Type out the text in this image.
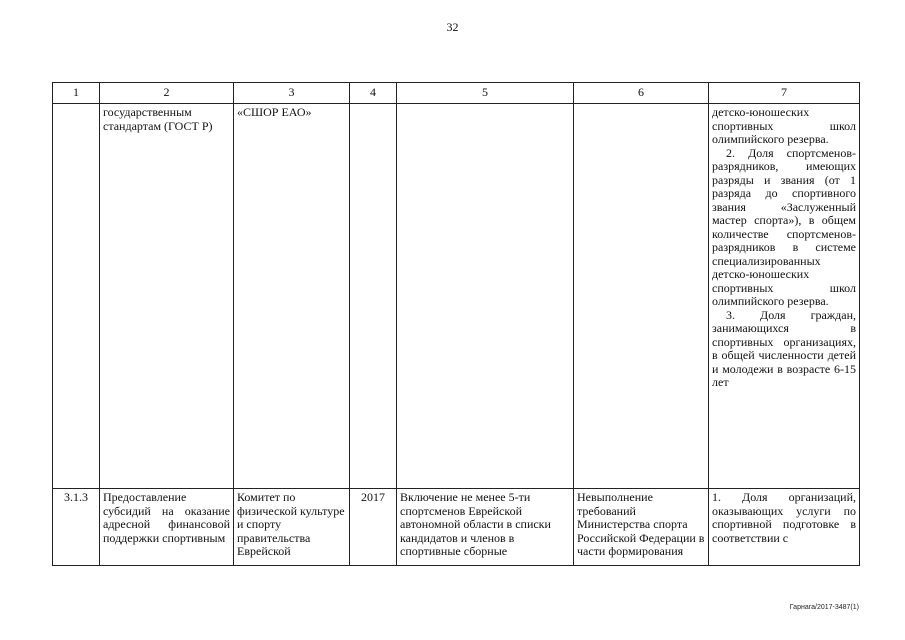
32
1	2	3	4	5	6	7
	государственным стандартам (ГОСТ Р)	«СШОР ЕАО»				детско-юношеских спортивных школ олимпийского резерва.
2. Доля спортсменов-разрядников, имеющих разряды и звания (от 1 разряда до спортивного звания «Заслуженный мастер спорта»), в общем количестве спортсменов-разрядников в системе специализированных детско-юношеских спортивных школ олимпийского резерва.
3. Доля граждан, занимающихся в спортивных организациях, в общей численности детей и молодежи в возрасте 6-15 лет

3.1.3	Предоставление субсидий на оказание адресной финансовой поддержки спортивным	Комитет по физической культуре и спорту правительства Еврейской	2017	Включение не менее 5-ти спортсменов Еврейской автономной области в списки кандидатов и членов в спортивные сборные	Невыполнение требований Министерства спорта Российской Федерации в части формирования	1. Доля организаций, оказывающих услуги по спортивной подготовке в соответствии с
Гарнага/2017-3487(1)
